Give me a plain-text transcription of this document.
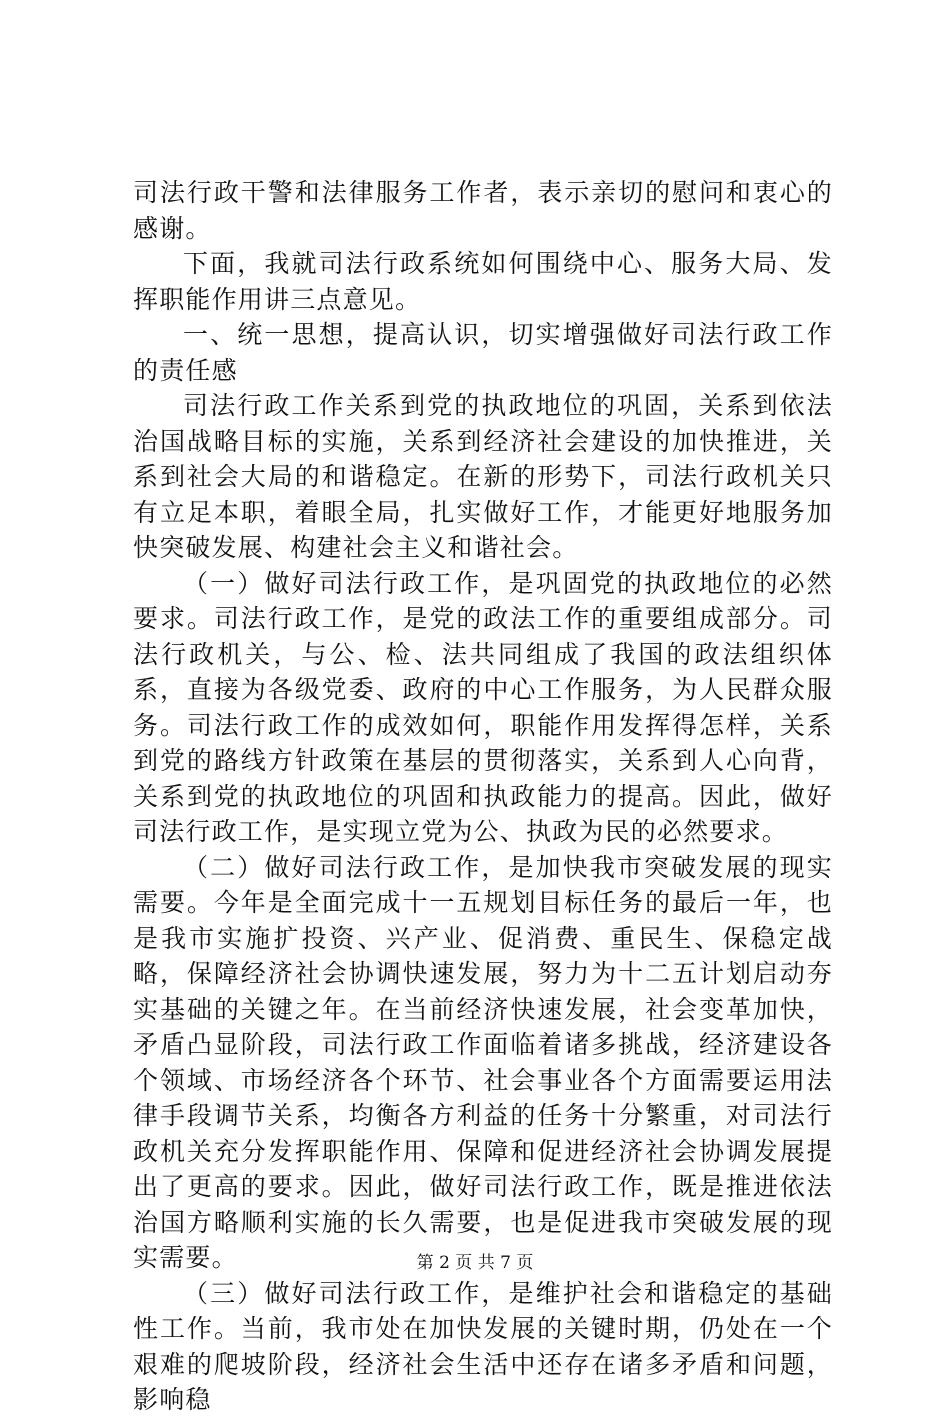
司法行政干警和法律服务工作者，表示亲切的慰问和衷心的感谢。

下面，我就司法行政系统如何围绕中心、服务大局、发挥职能作用讲三点意见。

一、统一思想，提高认识，切实增强做好司法行政工作的责任感

司法行政工作关系到党的执政地位的巩固，关系到依法治国战略目标的实施，关系到经济社会建设的加快推进，关系到社会大局的和谐稳定。在新的形势下，司法行政机关只有立足本职，着眼全局，扎实做好工作，才能更好地服务加快突破发展、构建社会主义和谐社会。

（一）做好司法行政工作，是巩固党的执政地位的必然要求。司法行政工作，是党的政法工作的重要组成部分。司法行政机关，与公、检、法共同组成了我国的政法组织体系，直接为各级党委、政府的中心工作服务，为人民群众服务。司法行政工作的成效如何，职能作用发挥得怎样，关系到党的路线方针政策在基层的贯彻落实，关系到人心向背，关系到党的执政地位的巩固和执政能力的提高。因此，做好司法行政工作，是实现立党为公、执政为民的必然要求。

（二）做好司法行政工作，是加快我市突破发展的现实需要。今年是全面完成十一五规划目标任务的最后一年，也是我市实施扩投资、兴产业、促消费、重民生、保稳定战略，保障经济社会协调快速发展，努力为十二五计划启动夯实基础的关键之年。在当前经济快速发展，社会变革加快，矛盾凸显阶段，司法行政工作面临着诸多挑战，经济建设各个领域、市场经济各个环节、社会事业各个方面需要运用法律手段调节关系，均衡各方利益的任务十分繁重，对司法行政机关充分发挥职能作用、保障和促进经济社会协调发展提出了更高的要求。因此，做好司法行政工作，既是推进依法治国方略顺利实施的长久需要，也是促进我市突破发展的现实需要。

（三）做好司法行政工作，是维护社会和谐稳定的基础性工作。当前，我市处在加快发展的关键时期，仍处在一个艰难的爬坡阶段，经济社会生活中还存在诸多矛盾和问题，影响稳

第 2 页 共 7 页
